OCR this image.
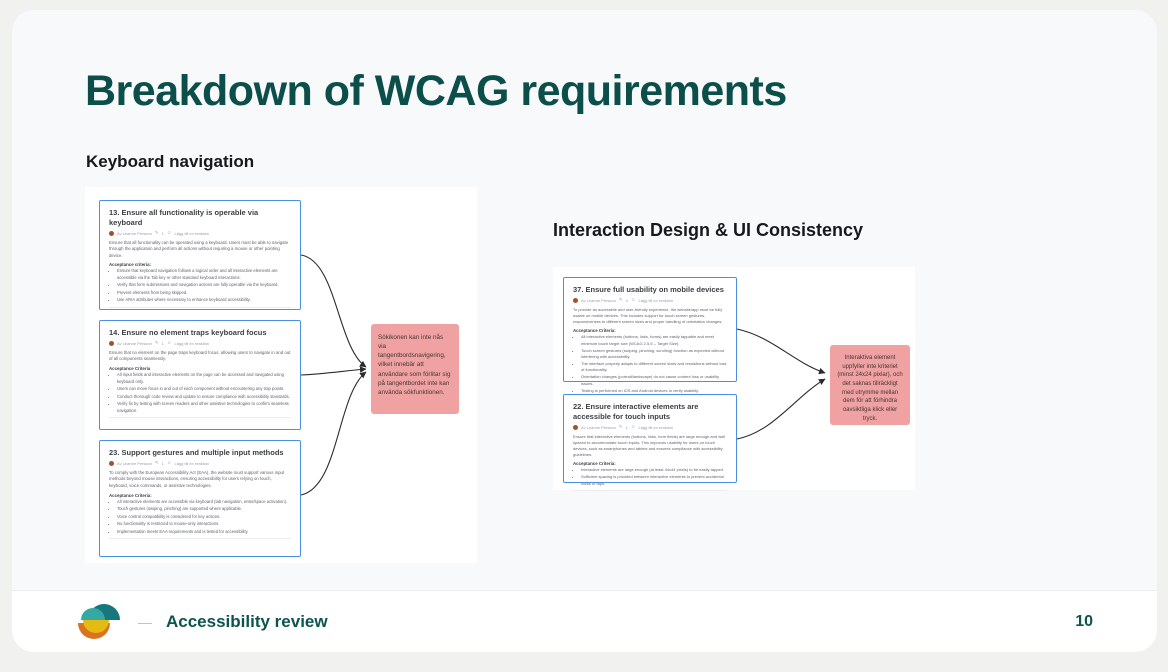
Breakdown of WCAG requirements
Keyboard navigation
Interaction Design & UI Consistency

13. Ensure all functionality is operable via keyboard

Av Leanne Persson ✎ 1 ☺ Lägg till en reaktion

Ensure that all functionality can be operated using a keyboard. Users must be able to navigate through the application and perform all actions without requiring a mouse or other pointing device.

Acceptance criteria:

• Ensure that keyboard navigation follows a logical order and all interactive elements are accessible via the Tab key or other standard keyboard interactions.
• Verify that form submissions and navigation actions are fully operable via the keyboard.
• Prevent elements from being skipped.
• Use ARIA attributes where necessary to enhance keyboard accessibility.

14. Ensure no element traps keyboard focus

Av Leanne Persson ✎ 1 ☺ Lägg till en reaktion

Ensure that no element on the page traps keyboard focus, allowing users to navigate in and out of all components seamlessly.

Acceptance Criteria

• All input fields and interactive elements on the page can be accessed and navigated using keyboard only.
• Users can move focus in and out of each component without encountering any trap points.
• Conduct thorough code review and update to ensure compliance with accessibility standards.
• Verify fix by testing with screen readers and other assistive technologies to confirm seamless navigation.

23. Support gestures and multiple input methods

Av Leanne Persson ✎ 1 ☺ Lägg till en reaktion

To comply with the European Accessibility Act (EAA), the website must support various input methods beyond mouse interactions, ensuring accessibility for users relying on touch, keyboard, voice commands, or assistive technologies.

Acceptance Criteria:

• All interactive elements are accessible via keyboard (tab navigation, enter/space activation).
• Touch gestures (swiping, pinching) are supported where applicable.
• Voice control compatibility is considered for key actions.
• No functionality is restricted to mouse-only interactions.
• Implementation meets EAA requirements and is tested for accessibility.
Sökikonen kan inte nås via tangentbordsnavigering, vilket innebär att användare som förlitar sig på tangentbordet inte kan använda sökfunktionen.

37. Ensure full usability on mobile devices

Av Leanne Persson ✎ 4 ☺ Lägg till en reaktion

To provide an accessible and user-friendly experience, the website/app must be fully usable on mobile devices. This includes support for touch screen gestures, responsiveness to different screen sizes and proper handling of orientation changes.

Acceptance Criteria:

• All interactive elements (buttons, links, forms) are easily tappable and meet minimum touch target size (WCAG 2.5.5 – Target Size).
• Touch screen gestures (swiping, pinching, scrolling) function as expected without interfering with accessibility.
• The interface properly adapts to different screen sizes and resolutions without loss of functionality.
• Orientation changes (portrait/landscape) do not cause content loss or usability issues.
• Testing is performed on iOS and Android devices to verify usability.

22. Ensure interactive elements are accessible for touch inputs

Av Leanne Persson ✎ 1 ☺ Lägg till en reaktion

Ensure that interactive elements (buttons, links, form fields) are large enough and well spaced to accommodate touch inputs. This improves usability for users on touch devices, such as smartphones and tablets and ensures compliance with accessibility guidelines.

Acceptance Criteria:

• Interactive elements are large enough (at least 44x44 pixels) to be easily tapped.
• Sufficient spacing is provided between interactive elements to prevent accidental clicks or taps.
Interaktiva element uppfyller inte kriteriet (minst 24x24 pixlar), och det saknas tillräckligt med utrymme mellan dem för att förhindra oavsiktliga klick eller tryck.
— Accessibility review	10
